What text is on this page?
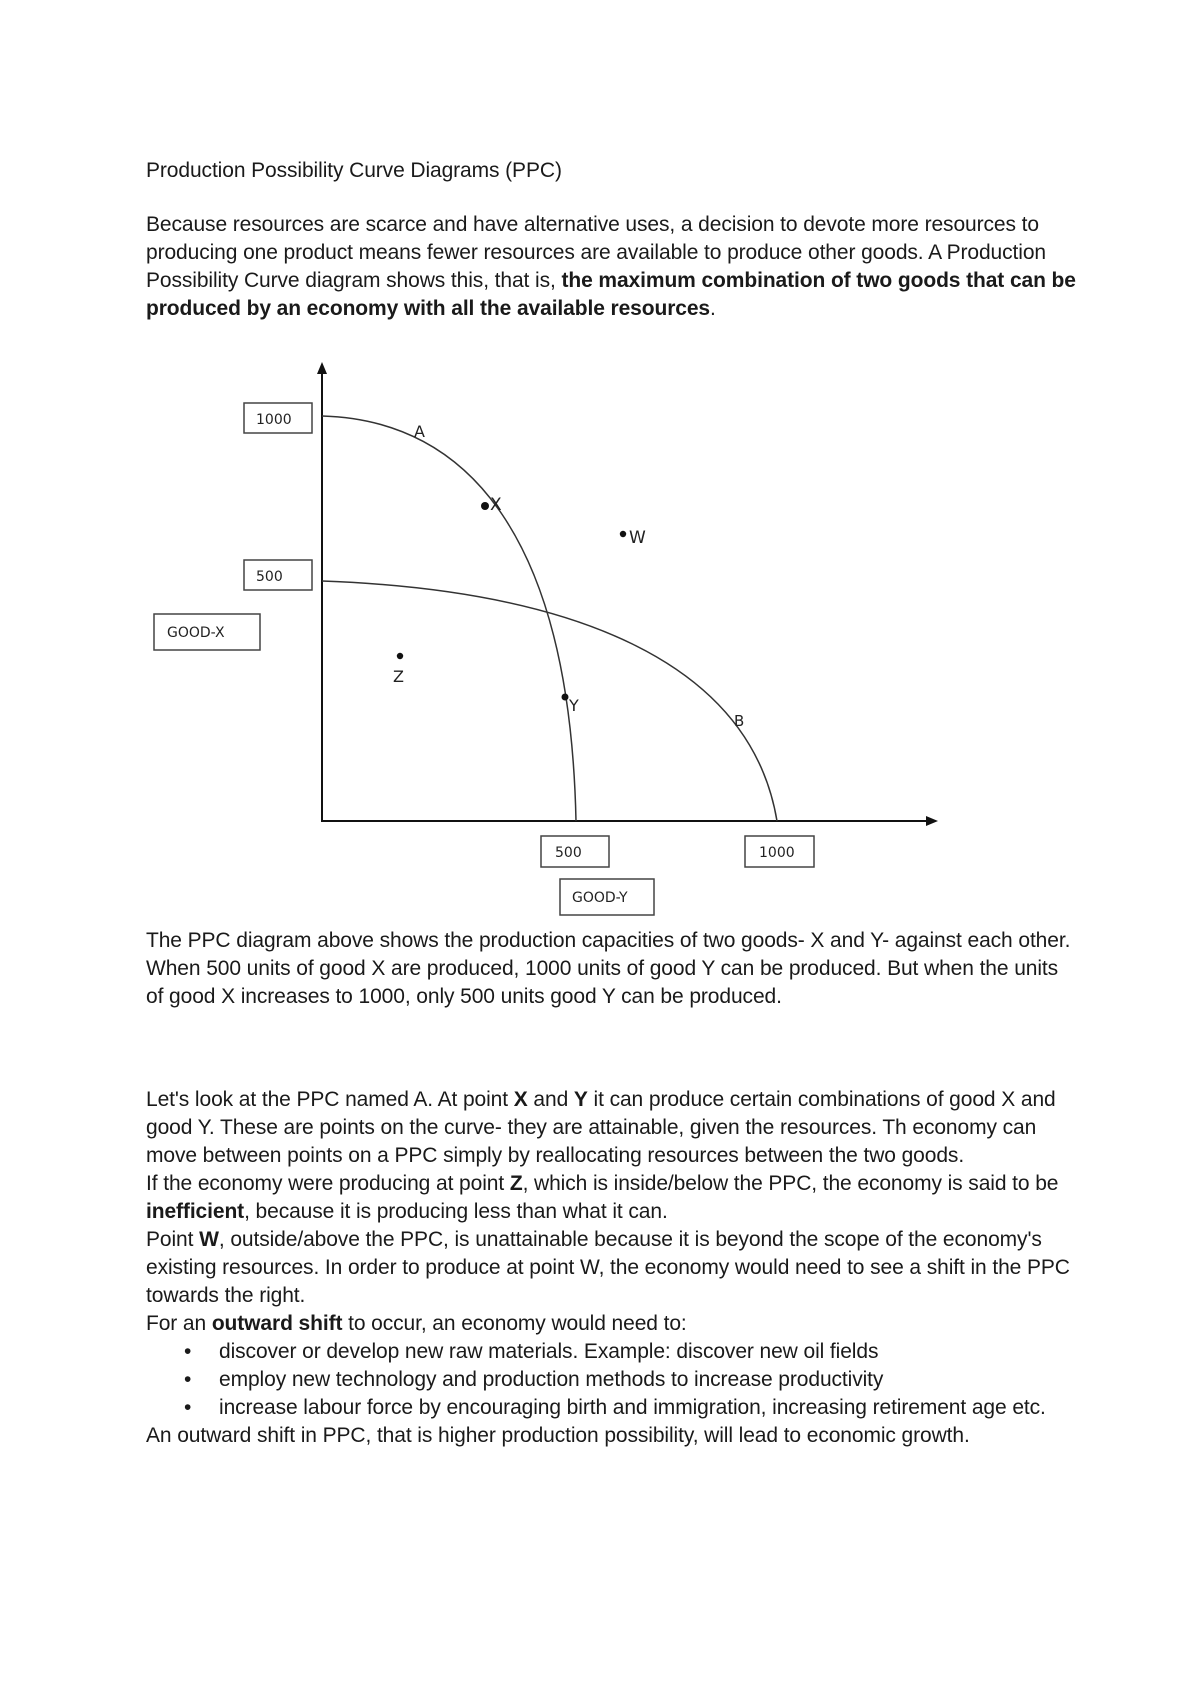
Production Possibility Curve Diagrams (PPC)

Because resources are scarce and have alternative uses, a decision to devote more resources to producing one product means fewer resources are available to produce other goods. A Production Possibility Curve diagram shows this, that is, the maximum combination of two goods that can be produced by an economy with all the available resources.

1000
500
GOOD-X
500	1000
GOOD-Y
A
B
X
W
Z
Y

The PPC diagram above shows the production capacities of two goods- X and Y- against each other. When 500 units of good X are produced, 1000 units of good Y can be produced. But when the units of good X increases to 1000, only 500 units good Y can be produced.

Let's look at the PPC named A. At point X and Y it can produce certain combinations of good X and good Y. These are points on the curve- they are attainable, given the resources. Th economy can move between points on a PPC simply by reallocating resources between the two goods.

If the economy were producing at point Z, which is inside/below the PPC, the economy is said to be inefficient, because it is producing less than what it can.

Point W, outside/above the PPC, is unattainable because it is beyond the scope of the economy's existing resources. In order to produce at point W, the economy would need to see a shift in the PPC towards the right.

For an outward shift to occur, an economy would need to:

• discover or develop new raw materials. Example: discover new oil fields
• employ new technology and production methods to increase productivity
• increase labour force by encouraging birth and immigration, increasing retirement age etc.

An outward shift in PPC, that is higher production possibility, will lead to economic growth.
